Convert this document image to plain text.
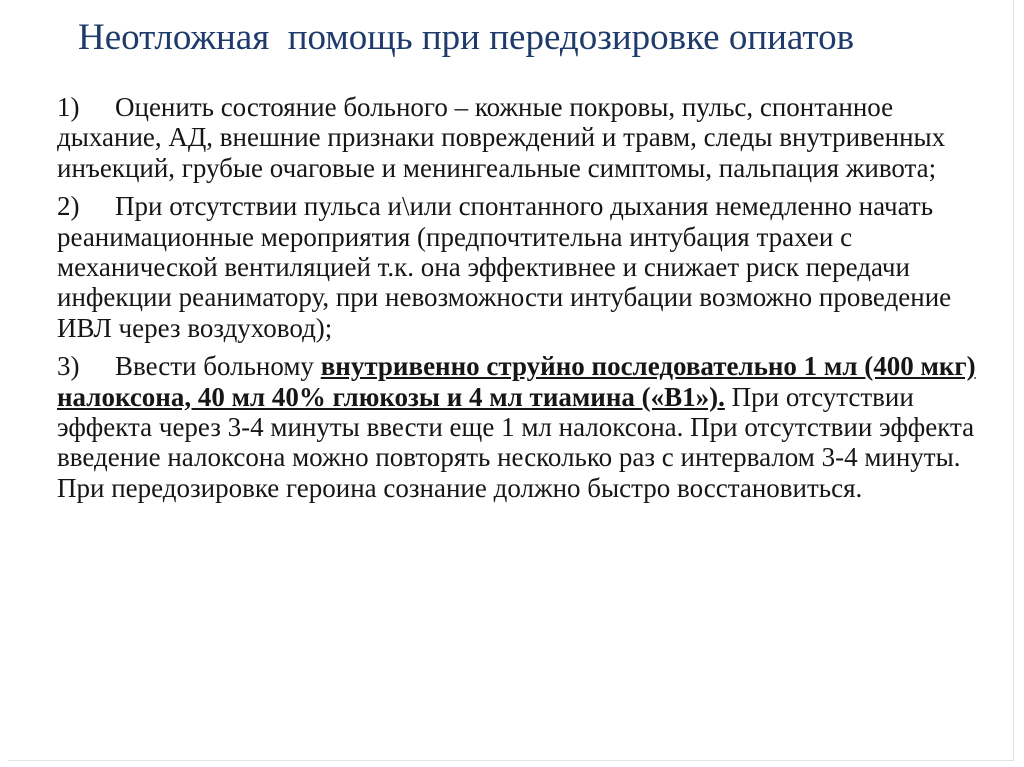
Неотложная  помощь при передозировке опиатов

1) Оценить состояние больного – кожные покровы, пульс, спонтанное дыхание, АД, внешние признаки повреждений и травм, следы внутривенных инъекций, грубые очаговые и менингеальные симптомы, пальпация живота;

2) При отсутствии пульса и\или спонтанного дыхания немедленно начать реанимационные мероприятия (предпочтительна интубация трахеи с механической вентиляцией т.к. она эффективнее и снижает риск передачи инфекции реаниматору, при невозможности интубации возможно проведение ИВЛ через воздуховод);

3) Ввести больному внутривенно струйно последовательно 1 мл (400 мкг) налоксона, 40 мл 40% глюкозы и 4 мл тиамина («В1»). При отсутствии эффекта через 3-4 минуты ввести еще 1 мл налоксона. При отсутствии эффекта введение налоксона можно повторять несколько раз с интервалом 3-4 минуты. При передозировке героина сознание должно быстро восстановиться.
